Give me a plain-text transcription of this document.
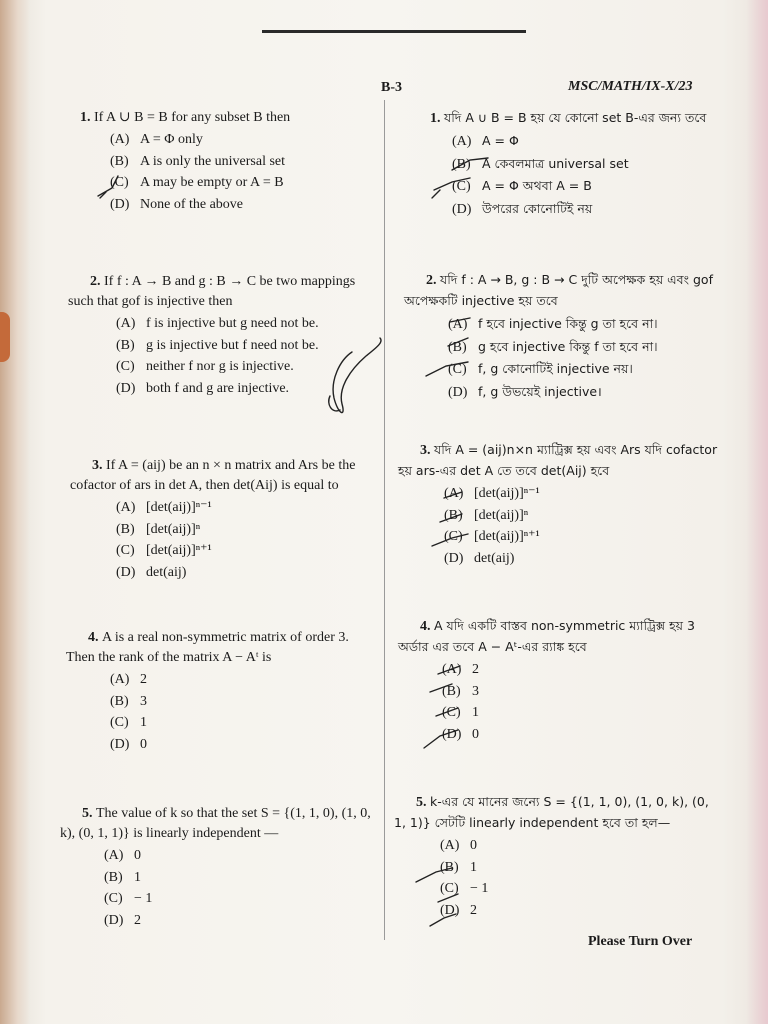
B-3	MSC/MATH/IX-X/23

1. If A ∪ B = B for any subset B then

(A) A = Φ only
(B) A is only the universal set
(C) A may be empty or A = B
(D) None of the above

2. If f : A → B and g : B → C be two mappings such that gof is injective then

(A) f is injective but g need not be.
(B) g is injective but f need not be.
(C) neither f nor g is injective.
(D) both f and g are injective.

3. If A = (aij) be an n × n matrix and Ars be the cofactor of ars in det A, then det(Aij) is equal to

(A) [det(aij)]ⁿ⁻¹
(B) [det(aij)]ⁿ
(C) [det(aij)]ⁿ⁺¹
(D) det(aij)

4. A is a real non-symmetric matrix of order 3. Then the rank of the matrix A − Aᵗ is

(A) 2
(B) 3
(C) 1
(D) 0

5. The value of k so that the set S = {(1, 1, 0), (1, 0, k), (0, 1, 1)} is linearly independent —

(A) 0
(B) 1
(C) − 1
(D) 2

1. যদি A ∪ B = B হয় যে কোনো set B-এর জন্য তবে

(A) A = Φ
(B) A কেবলমাত্র universal set
(C) A = Φ অথবা A = B
(D) উপরের কোনোটিই নয়

2. যদি f : A → B, g : B → C দুটি অপেক্ষক হয় এবং gof অপেক্ষকটি injective হয় তবে

(A) f হবে injective কিন্তু g তা হবে না।
(B) g হবে injective কিন্তু f তা হবে না।
(C) f, g কোনোটিই injective নয়।
(D) f, g উভয়েই injective।

3. যদি A = (aij)n×n ম্যাট্রিক্স হয় এবং Ars যদি cofactor হয় ars-এর det A তে তবে det(Aij) হবে

(A) [det(aij)]ⁿ⁻¹
(B) [det(aij)]ⁿ
(C) [det(aij)]ⁿ⁺¹
(D) det(aij)

4. A যদি একটি বাস্তব non-symmetric ম্যাট্রিক্স হয় 3 অর্ডার এর তবে A − Aᵗ-এর র‍্যাঙ্ক হবে

(A) 2
(B) 3
(C) 1
(D) 0

5. k-এর যে মানের জন্যে S = {(1, 1, 0), (1, 0, k), (0, 1, 1)} সেটটি linearly independent হবে তা হল—

(A) 0
(B) 1
(C) − 1
(D) 2
Please Turn Over
